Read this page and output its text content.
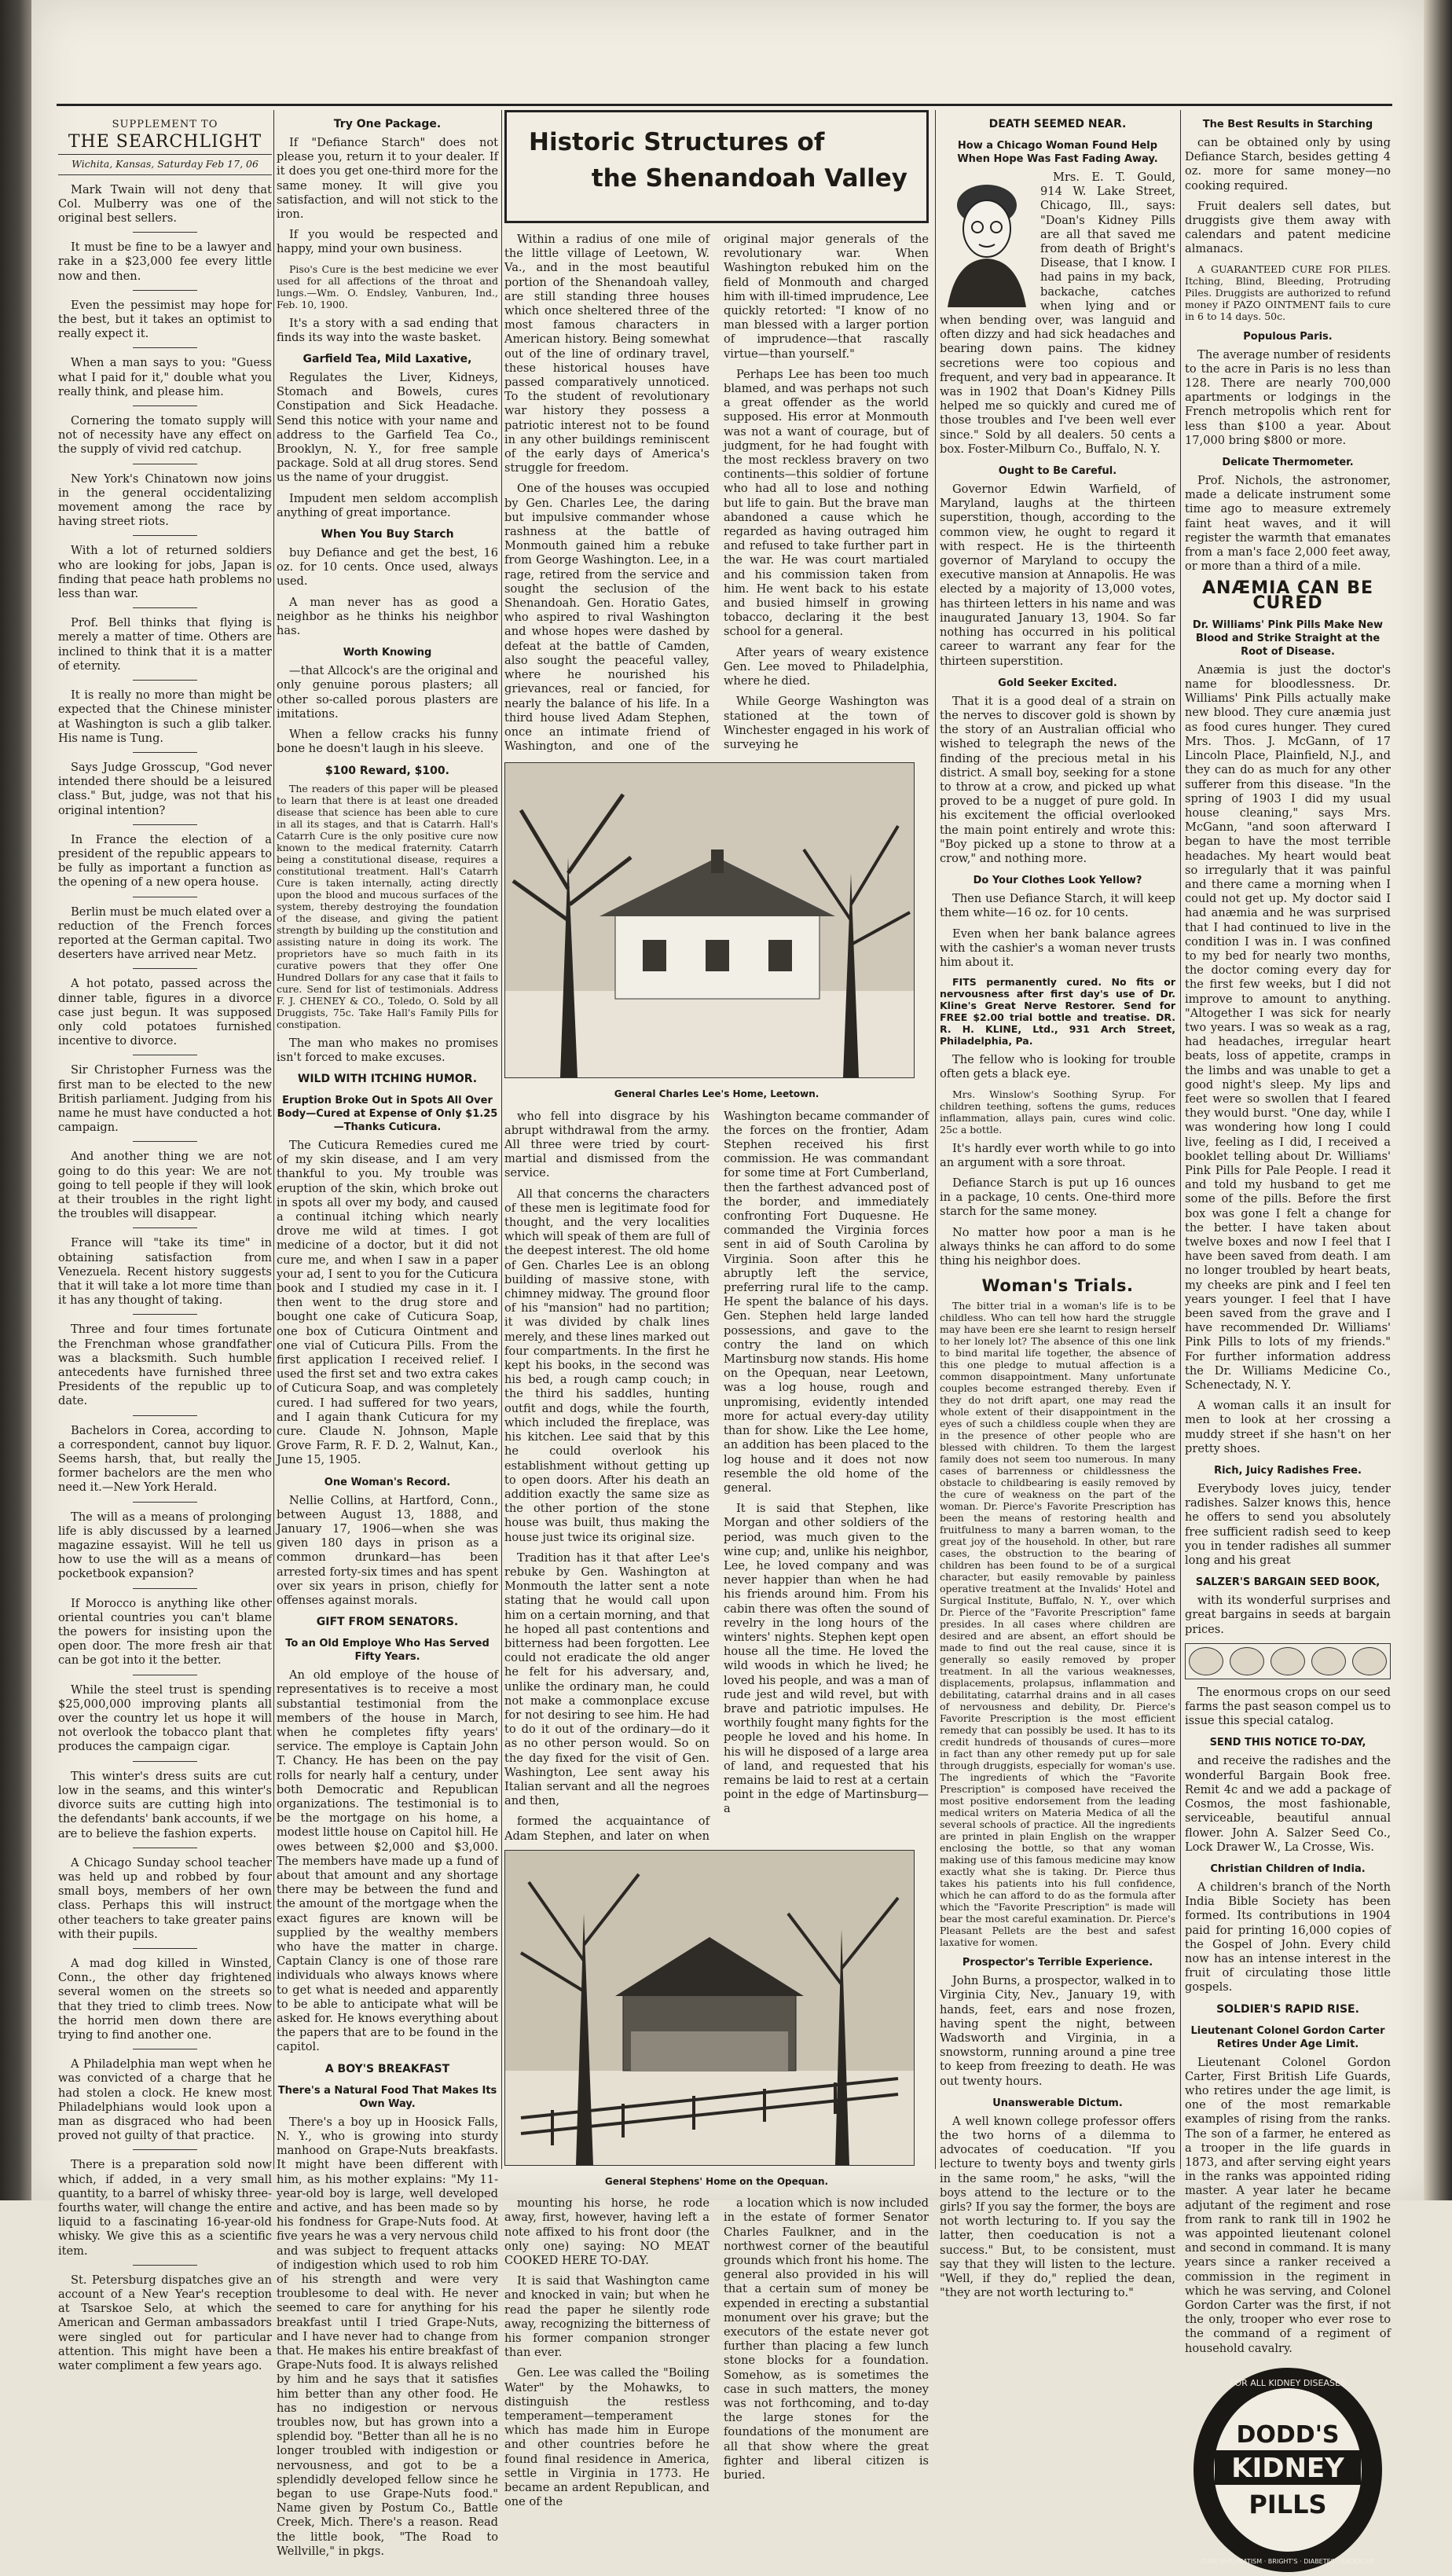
SUPPLEMENT TO
THE SEARCHLIGHT
Wichita, Kansas, Saturday Feb 17, 06

Mark Twain will not deny that Col. Mulberry was one of the original best sellers.

It must be fine to be a lawyer and rake in a $23,000 fee every little now and then.

Even the pessimist may hope for the best, but it takes an optimist to really expect it.

When a man says to you: "Guess what I paid for it," double what you really think, and please him.

Cornering the tomato supply will not of necessity have any effect on the supply of vivid red catchup.

New York's Chinatown now joins in the general occidentalizing movement among the race by having street riots.

With a lot of returned soldiers who are looking for jobs, Japan is finding that peace hath problems no less than war.

Prof. Bell thinks that flying is merely a matter of time. Others are inclined to think that it is a matter of eternity.

It is really no more than might be expected that the Chinese minister at Washington is such a glib talker. His name is Tung.

Says Judge Grosscup, "God never intended there should be a leisured class." But, judge, was not that his original intention?

In France the election of a president of the republic appears to be fully as important a function as the opening of a new opera house.

Berlin must be much elated over a reduction of the French forces reported at the German capital. Two deserters have arrived near Metz.

A hot potato, passed across the dinner table, figures in a divorce case just begun. It was supposed only cold potatoes furnished incentive to divorce.

Sir Christopher Furness was the first man to be elected to the new British parliament. Judging from his name he must have conducted a hot campaign.

And another thing we are not going to do this year: We are not going to tell people if they will look at their troubles in the right light the troubles will disappear.

France will "take its time" in obtaining satisfaction from Venezuela. Recent history suggests that it will take a lot more time than it has any thought of taking.

Three and four times fortunate the Frenchman whose grandfather was a blacksmith. Such humble antecedents have furnished three Presidents of the republic up to date.

Bachelors in Corea, according to a correspondent, cannot buy liquor. Seems harsh, that, but really the former bachelors are the men who need it.—New York Herald.

The will as a means of prolonging life is ably discussed by a learned magazine essayist. Will he tell us how to use the will as a means of pocketbook expansion?

If Morocco is anything like other oriental countries you can't blame the powers for insisting upon the open door. The more fresh air that can be got into it the better.

While the steel trust is spending $25,000,000 improving plants all over the country let us hope it will not overlook the tobacco plant that produces the campaign cigar.

This winter's dress suits are cut low in the seams, and this winter's divorce suits are cutting high into the defendants' bank accounts, if we are to believe the fashion experts.

A Chicago Sunday school teacher was held up and robbed by four small boys, members of her own class. Perhaps this will instruct other teachers to take greater pains with their pupils.

A mad dog killed in Winsted, Conn., the other day frightened several women on the streets so that they tried to climb trees. Now the horrid men down there are trying to find another one.

A Philadelphia man wept when he was convicted of a charge that he had stolen a clock. He knew most Philadelphians would look upon a man as disgraced who had been proved not guilty of that practice.

There is a preparation sold now which, if added, in a very small quantity, to a barrel of whisky three-fourths water, will change the entire liquid to a fascinating 16-year-old whisky. We give this as a scientific item.

St. Petersburg dispatches give an account of a New Year's reception at Tsarskoe Selo, at which the American and German ambassadors were singled out for particular attention. This might have been a water compliment a few years ago.

Try One Package.

If "Defiance Starch" does not please you, return it to your dealer. If it does you get one-third more for the same money. It will give you satisfaction, and will not stick to the iron.

If you would be respected and happy, mind your own business.

Piso's Cure is the best medicine we ever used for all affections of the throat and lungs.—Wm. O. Endsley, Vanburen, Ind., Feb. 10, 1900.

It's a story with a sad ending that finds its way into the waste basket.

Garfield Tea, Mild Laxative,

Regulates the Liver, Kidneys, Stomach and Bowels, cures Constipation and Sick Headache. Send this notice with your name and address to the Garfield Tea Co., Brooklyn, N. Y., for free sample package. Sold at all drug stores. Send us the name of your druggist.

Impudent men seldom accomplish anything of great importance.

When You Buy Starch

buy Defiance and get the best, 16 oz. for 10 cents. Once used, always used.

A man never has as good a neighbor as he thinks his neighbor has.

Worth Knowing

—that Allcock's are the original and only genuine porous plasters; all other so-called porous plasters are imitations.

When a fellow cracks his funny bone he doesn't laugh in his sleeve.

$100 Reward, $100.

The readers of this paper will be pleased to learn that there is at least one dreaded disease that science has been able to cure in all its stages, and that is Catarrh. Hall's Catarrh Cure is the only positive cure now known to the medical fraternity. Catarrh being a constitutional disease, requires a constitutional treatment. Hall's Catarrh Cure is taken internally, acting directly upon the blood and mucous surfaces of the system, thereby destroying the foundation of the disease, and giving the patient strength by building up the constitution and assisting nature in doing its work. The proprietors have so much faith in its curative powers that they offer One Hundred Dollars for any case that it fails to cure. Send for list of testimonials. Address F. J. CHENEY & CO., Toledo, O. Sold by all Druggists, 75c. Take Hall's Family Pills for constipation.

The man who makes no promises isn't forced to make excuses.

WILD WITH ITCHING HUMOR.
Eruption Broke Out in Spots All Over Body—Cured at Expense of Only $1.25—Thanks Cuticura.

The Cuticura Remedies cured me of my skin disease, and I am very thankful to you. My trouble was eruption of the skin, which broke out in spots all over my body, and caused a continual itching which nearly drove me wild at times. I got medicine of a doctor, but it did not cure me, and when I saw in a paper your ad, I sent to you for the Cuticura book and I studied my case in it. I then went to the drug store and bought one cake of Cuticura Soap, one box of Cuticura Ointment and one vial of Cuticura Pills. From the first application I received relief. I used the first set and two extra cakes of Cuticura Soap, and was completely cured. I had suffered for two years, and I again thank Cuticura for my cure. Claude N. Johnson, Maple Grove Farm, R. F. D. 2, Walnut, Kan., June 15, 1905.

One Woman's Record.

Nellie Collins, at Hartford, Conn., between August 13, 1888, and January 17, 1906—when she was given 180 days in prison as a common drunkard—has been arrested forty-six times and has spent over six years in prison, chiefly for offenses against morals.

GIFT FROM SENATORS.
To an Old Employe Who Has Served Fifty Years.

An old employe of the house of representatives is to receive a most substantial testimonial from the members of the house in March, when he completes fifty years' service. The employe is Captain John T. Chancy. He has been on the pay rolls for nearly half a century, under both Democratic and Republican organizations. The testimonial is to be the mortgage on his home, a modest little house on Capitol hill. He owes between $2,000 and $3,000. The members have made up a fund of about that amount and any shortage there may be between the fund and the amount of the mortgage when the exact figures are known will be supplied by the wealthy members who have the matter in charge. Captain Clancy is one of those rare individuals who always knows where to get what is needed and apparently to be able to anticipate what will be asked for. He knows everything about the papers that are to be found in the capitol.

A BOY'S BREAKFAST
There's a Natural Food That Makes Its Own Way.

There's a boy up in Hoosick Falls, N. Y., who is growing into sturdy manhood on Grape-Nuts breakfasts. It might have been different with him, as his mother explains: "My 11-year-old boy is large, well developed and active, and has been made so by his fondness for Grape-Nuts food. At five years he was a very nervous child and was subject to frequent attacks of indigestion which used to rob him of his strength and were very troublesome to deal with. He never seemed to care for anything for his breakfast until I tried Grape-Nuts, and I have never had to change from that. He makes his entire breakfast of Grape-Nuts food. It is always relished by him and he says that it satisfies him better than any other food. He has no indigestion or nervous troubles now, but has grown into a splendid boy. "Better than all he is no longer troubled with indigestion or nervousness, and got to be a splendidly developed fellow since he began to use Grape-Nuts food." Name given by Postum Co., Battle Creek, Mich. There's a reason. Read the little book, "The Road to Wellville," in pkgs.

Historic Structures of
the Shenandoah Valley

Within a radius of one mile of the little village of Leetown, W. Va., and in the most beautiful portion of the Shenandoah valley, are still standing three houses which once sheltered three of the most famous characters in American history. Being somewhat out of the line of ordinary travel, these historical houses have passed comparatively unnoticed. To the student of revolutionary war history they possess a patriotic interest not to be found in any other buildings reminiscent of the early days of America's struggle for freedom.

One of the houses was occupied by Gen. Charles Lee, the daring but impulsive commander whose rashness at the battle of Monmouth gained him a rebuke from George Washington. Lee, in a rage, retired from the service and sought the seclusion of the Shenandoah. Gen. Horatio Gates, who aspired to rival Washington and whose hopes were dashed by defeat at the battle of Camden, also sought the peaceful valley, where he nourished his grievances, real or fancied, for nearly the balance of his life. In a third house lived Adam Stephen, once an intimate friend of Washington, and one of the original major generals of the revolutionary war. When Washington rebuked him on the field of Monmouth and charged him with ill-timed imprudence, Lee quickly retorted: "I know of no man blessed with a larger portion of imprudence—that rascally virtue—than yourself."

Perhaps Lee has been too much blamed, and was perhaps not such a great offender as the world supposed. His error at Monmouth was not a want of courage, but of judgment, for he had fought with the most reckless bravery on two continents—this soldier of fortune who had all to lose and nothing but life to gain. But the brave man abandoned a cause which he regarded as having outraged him and refused to take further part in the war. He was court martialed and his commission taken from him. He went back to his estate and busied himself in growing tobacco, declaring it the best school for a general.

After years of weary existence Gen. Lee moved to Philadelphia, where he died.

While George Washington was stationed at the town of Winchester engaged in his work of surveying he

General Charles Lee's Home, Leetown.

who fell into disgrace by his abrupt withdrawal from the army. All three were tried by court-martial and dismissed from the service.

All that concerns the characters of these men is legitimate food for thought, and the very localities which will speak of them are full of the deepest interest. The old home of Gen. Charles Lee is an oblong building of massive stone, with chimney midway. The ground floor of his "mansion" had no partition; it was divided by chalk lines merely, and these lines marked out four compartments. In the first he kept his books, in the second was his bed, a rough camp couch; in the third his saddles, hunting outfit and dogs, while the fourth, which included the fireplace, was his kitchen. Lee said that by this he could overlook his establishment without getting up to open doors. After his death an addition exactly the same size as the other portion of the stone house was built, thus making the house just twice its original size.

Tradition has it that after Lee's rebuke by Gen. Washington at Monmouth the latter sent a note stating that he would call upon him on a certain morning, and that he hoped all past contentions and bitterness had been forgotten. Lee could not eradicate the old anger he felt for his adversary, and, unlike the ordinary man, he could not make a commonplace excuse for not desiring to see him. He had to do it out of the ordinary—do it as no other person would. So on the day fixed for the visit of Gen. Washington, Lee sent away his Italian servant and all the negroes and then,

formed the acquaintance of Adam Stephen, and later on when Washington became commander of the forces on the frontier, Adam Stephen received his first commission. He was commandant for some time at Fort Cumberland, then the farthest advanced post of the border, and immediately confronting Fort Duquesne. He commanded the Virginia forces sent in aid of South Carolina by Virginia. Soon after this he abruptly left the service, preferring rural life to the camp. He spent the balance of his days. Gen. Stephen held large landed possessions, and gave to the contry the land on which Martinsburg now stands. His home on the Opequan, near Leetown, was a log house, rough and unpromising, evidently intended more for actual every-day utility than for show. Like the Lee home, an addition has been placed to the log house and it does not now resemble the old home of the general.

It is said that Stephen, like Morgan and other soldiers of the period, was much given to the wine cup; and, unlike his neighbor, Lee, he loved company and was never happier than when he had his friends around him. From his cabin there was often the sound of revelry in the long hours of the winters' nights. Stephen kept open house all the time. He loved the wild woods in which he lived; he loved his people, and was a man of rude jest and wild revel, but with brave and patriotic impulses. He worthily fought many fights for the people he loved and his home. In his will he disposed of a large area of land, and requested that his remains be laid to rest at a certain point in the edge of Martinsburg—a

General Stephens' Home on the Opequan.

mounting his horse, he rode away, first, however, having left a note affixed to his front door (the only one) saying: NO MEAT COOKED HERE TO-DAY.

It is said that Washington came and knocked in vain; but when he read the paper he silently rode away, recognizing the bitterness of his former companion stronger than ever.

Gen. Lee was called the "Boiling Water" by the Mohawks, to distinguish the restless temperament—temperament which has made him in Europe and other countries before he found final residence in America, settle in Virginia in 1773. He became an ardent Republican, and one of the

a location which is now included in the estate of former Senator Charles Faulkner, and in the northwest corner of the beautiful grounds which front his home. The general also provided in his will that a certain sum of money be expended in erecting a substantial monument over his grave; but the executors of the estate never got further than placing a few lunch stone blocks for a foundation. Somehow, as is sometimes the case in such matters, the money was not forthcoming, and to-day the large stones for the foundations of the monument are all that show where the great fighter and liberal citizen is buried.

DEATH SEEMED NEAR.
How a Chicago Woman Found Help When Hope Was Fast Fading Away.

Mrs. E. T. Gould, 914 W. Lake Street, Chicago, Ill., says: "Doan's Kidney Pills are all that saved me from death of Bright's Disease, that I know. I had pains in my back, backache, catches when lying and or when bending over, was languid and often dizzy and had sick headaches and bearing down pains. The kidney secretions were too copious and frequent, and very bad in appearance. It was in 1902 that Doan's Kidney Pills helped me so quickly and cured me of those troubles and I've been well ever since." Sold by all dealers. 50 cents a box. Foster-Milburn Co., Buffalo, N. Y.

Ought to Be Careful.

Governor Edwin Warfield, of Maryland, laughs at the thirteen superstition, though, according to the common view, he ought to regard it with respect. He is the thirteenth governor of Maryland to occupy the executive mansion at Annapolis. He was elected by a majority of 13,000 votes, has thirteen letters in his name and was inaugurated January 13, 1904. So far nothing has occurred in his political career to warrant any fear for the thirteen superstition.

Gold Seeker Excited.

That it is a good deal of a strain on the nerves to discover gold is shown by the story of an Australian official who wished to telegraph the news of the finding of the precious metal in his district. A small boy, seeking for a stone to throw at a crow, and picked up what proved to be a nugget of pure gold. In his excitement the official overlooked the main point entirely and wrote this: "Boy picked up a stone to throw at a crow," and nothing more.

Do Your Clothes Look Yellow?

Then use Defiance Starch, it will keep them white—16 oz. for 10 cents.

Even when her bank balance agrees with the cashier's a woman never trusts him about it.

FITS permanently cured. No fits or nervousness after first day's use of Dr. Kline's Great Nerve Restorer. Send for FREE $2.00 trial bottle and treatise. DR. R. H. KLINE, Ltd., 931 Arch Street, Philadelphia, Pa.

The fellow who is looking for trouble often gets a black eye.

Mrs. Winslow's Soothing Syrup. For children teething, softens the gums, reduces inflammation, allays pain, cures wind colic. 25c a bottle.

It's hardly ever worth while to go into an argument with a sore throat.

Defiance Starch is put up 16 ounces in a package, 10 cents. One-third more starch for the same money.

No matter how poor a man is he always thinks he can afford to do some thing his neighbor does.

Woman's Trials.

The bitter trial in a woman's life is to be childless. Who can tell how hard the struggle may have been ere she learnt to resign herself to her lonely lot? The absence of this one link to bind marital life together, the absence of this one pledge to mutual affection is a common disappointment. Many unfortunate couples become estranged thereby. Even if they do not drift apart, one may read the whole extent of their disappointment in the eyes of such a childless couple when they are in the presence of other people who are blessed with children. To them the largest family does not seem too numerous. In many cases of barrenness or childlessness the obstacle to childbearing is easily removed by the cure of weakness on the part of the woman. Dr. Pierce's Favorite Prescription has been the means of restoring health and fruitfulness to many a barren woman, to the great joy of the household. In other, but rare cases, the obstruction to the bearing of children has been found to be of a surgical character, but easily removable by painless operative treatment at the Invalids' Hotel and Surgical Institute, Buffalo, N. Y., over which Dr. Pierce of the "Favorite Prescription" fame presides. In all cases where children are desired and are absent, an effort should be made to find out the real cause, since it is generally so easily removed by proper treatment. In all the various weaknesses, displacements, prolapsus, inflammation and debilitating, catarrhal drains and in all cases of nervousness and debility, Dr. Pierce's Favorite Prescription is the most efficient remedy that can possibly be used. It has to its credit hundreds of thousands of cures—more in fact than any other remedy put up for sale through druggists, especially for woman's use. The ingredients of which the "Favorite Prescription" is composed have received the most positive endorsement from the leading medical writers on Materia Medica of all the several schools of practice. All the ingredients are printed in plain English on the wrapper enclosing the bottle, so that any woman making use of this famous medicine may know exactly what she is taking. Dr. Pierce thus takes his patients into his full confidence, which he can afford to do as the formula after which the "Favorite Prescription" is made will bear the most careful examination. Dr. Pierce's Pleasant Pellets are the best and safest laxative for women.

Prospector's Terrible Experience.

John Burns, a prospector, walked in to Virginia City, Nev., January 19, with hands, feet, ears and nose frozen, having spent the night, between Wadsworth and Virginia, in a snowstorm, running around a pine tree to keep from freezing to death. He was out twenty hours.

Unanswerable Dictum.

A well known college professor offers the two horns of a dilemma to advocates of coeducation. "If you lecture to twenty boys and twenty girls in the same room," he asks, "will the boys attend to the lecture or to the girls? If you say the former, the boys are not worth lecturing to. If you say the latter, then coeducation is not a success." But, to be consistent, must say that they will listen to the lecture. "Well, if they do," replied the dean, "they are not worth lecturing to."

The Best Results in Starching

can be obtained only by using Defiance Starch, besides getting 4 oz. more for same money—no cooking required.

Fruit dealers sell dates, but druggists give them away with calendars and patent medicine almanacs.

A GUARANTEED CURE FOR PILES. Itching, Blind, Bleeding, Protruding Piles. Druggists are authorized to refund money if PAZO OINTMENT fails to cure in 6 to 14 days. 50c.

Populous Paris.

The average number of residents to the acre in Paris is no less than 128. There are nearly 700,000 apartments or lodgings in the French metropolis which rent for less than $100 a year. About 17,000 bring $800 or more.

Delicate Thermometer.

Prof. Nichols, the astronomer, made a delicate instrument some time ago to measure extremely faint heat waves, and it will register the warmth that emanates from a man's face 2,000 feet away, or more than a third of a mile.

ANÆMIA CAN BE CURED
Dr. Williams' Pink Pills Make New Blood and Strike Straight at the Root of Disease.

Anæmia is just the doctor's name for bloodlessness. Dr. Williams' Pink Pills actually make new blood. They cure anæmia just as food cures hunger. They cured Mrs. Thos. J. McGann, of 17 Lincoln Place, Plainfield, N.J., and they can do as much for any other sufferer from this disease. "In the spring of 1903 I did my usual house cleaning," says Mrs. McGann, "and soon afterward I began to have the most terrible headaches. My heart would beat so irregularly that it was painful and there came a morning when I could not get up. My doctor said I had anæmia and he was surprised that I had continued to live in the condition I was in. I was confined to my bed for nearly two months, the doctor coming every day for the first few weeks, but I did not improve to amount to anything. "Altogether I was sick for nearly two years. I was so weak as a rag, had headaches, irregular heart beats, loss of appetite, cramps in the limbs and was unable to get a good night's sleep. My lips and feet were so swollen that I feared they would burst. "One day, while I was wondering how long I could live, feeling as I did, I received a booklet telling about Dr. Williams' Pink Pills for Pale People. I read it and told my husband to get me some of the pills. Before the first box was gone I felt a change for the better. I have taken about twelve boxes and now I feel that I have been saved from death. I am no longer troubled by heart beats, my cheeks are pink and I feel ten years younger. I feel that I have been saved from the grave and I have recommended Dr. Williams' Pink Pills to lots of my friends." For further information address the Dr. Williams Medicine Co., Schenectady, N. Y.

A woman calls it an insult for men to look at her crossing a muddy street if she hasn't on her pretty shoes.

Rich, Juicy Radishes Free.

Everybody loves juicy, tender radishes. Salzer knows this, hence he offers to send you absolutely free sufficient radish seed to keep you in tender radishes all summer long and his great

SALZER'S BARGAIN SEED BOOK,

with its wonderful surprises and great bargains in seeds at bargain prices.

The enormous crops on our seed farms the past season compel us to issue this special catalog.

SEND THIS NOTICE TO-DAY,

and receive the radishes and the wonderful Bargain Book free. Remit 4c and we add a package of Cosmos, the most fashionable, serviceable, beautiful annual flower. John A. Salzer Seed Co., Lock Drawer W., La Crosse, Wis.

Christian Children of India.

A children's branch of the North India Bible Society has been formed. Its contributions in 1904 paid for printing 16,000 copies of the Gospel of John. Every child now has an intense interest in the fruit of circulating those little gospels.

SOLDIER'S RAPID RISE.
Lieutenant Colonel Gordon Carter Retires Under Age Limit.

Lieutenant Colonel Gordon Carter, First British Life Guards, who retires under the age limit, is one of the most remarkable examples of rising from the ranks. The son of a farmer, he entered as a trooper in the life guards in 1873, and after serving eight years in the ranks was appointed riding master. A year later he became adjutant of the regiment and rose from rank to rank till in 1902 he was appointed lieutenant colonel and second in command. It is many years since a ranker received a commission in the regiment in which he was serving, and Colonel Gordon Carter was the first, if not the only, trooper who ever rose to the command of a regiment of household cavalry.

DODD'S
KIDNEY
PILLS
FOR ALL KIDNEY DISEASES
CURE RHEUMATISM · BRIGHT'S · DIABETES · BACKACHE
